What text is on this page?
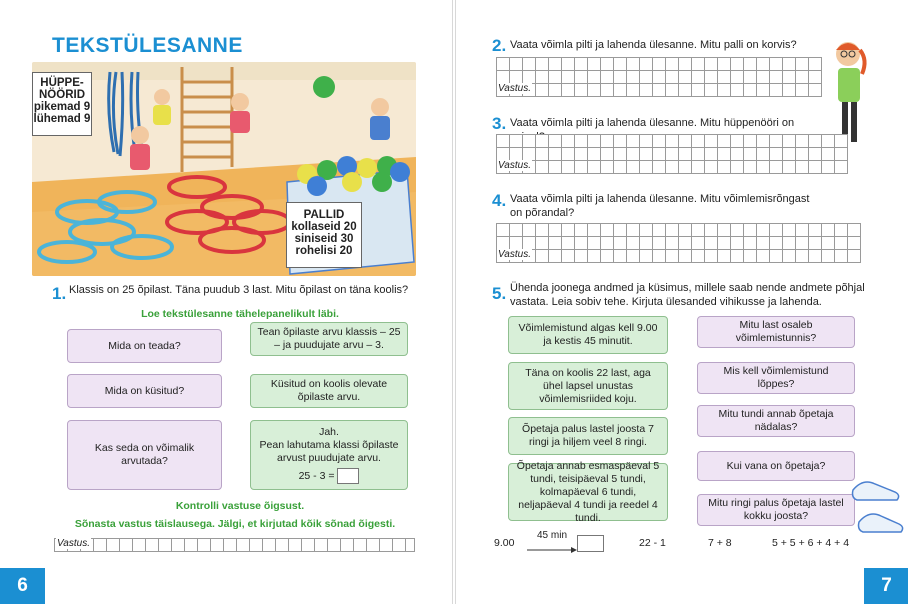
TEKSTÜLESANNE
HÜPPE-
NÖÖRID
pikemad 9
lühemad 9
PALLID
kollaseid 20
siniseid 30
rohelisi 20
1. Klassis on 25 õpilast. Täna puudub 3 last. Mitu õpilast on täna koolis?
Loe tekstülesanne tähelepanelikult läbi.
Mida on teada?
Mida on küsitud?
Kas seda on võimalik arvutada?
Tean õpilaste arvu klassis – 25 – ja puudujate arvu – 3.
Küsitud on koolis olevate õpilaste arvu.
Jah.
Pean lahutama klassi õpilaste arvust puudujate arvu.
25 - 3 =
Kontrolli vastuse õigsust.
Sõnasta vastus täislausega. Jälgi, et kirjutad kõik sõnad õigesti.
Vastus.
6
2. Vaata võimla pilti ja lahenda ülesanne. Mitu palli on korvis?
Vastus.
3. Vaata võimla pilti ja lahenda ülesanne. Mitu hüppenööri on
Vastus.
4. Vaata võimla pilti ja lahenda ülesanne. Mitu võimlemisrõngast on põrandal?
Vastus.
5. Ühenda joonega andmed ja küsimus, millele saab nende andmete põhjal vastata. Leia sobiv tehe. Kirjuta ülesanded vihikusse ja lahenda.
Võimlemistund algas kell 9.00 ja kestis 45 minutit.
Täna on koolis 22 last, aga ühel lapsel unustas võimlemisriided koju.
Õpetaja palus lastel joosta 7 ringi ja hiljem veel 8 ringi.
Õpetaja annab esmaspäeval 5 tundi, teisipäeval 5 tundi, kolmapäeval 6 tundi, neljapäeval 4 tundi ja reedel 4 tundi.
Mitu last osaleb võimlemistunnis?
Mis kell võimlemistund lõppes?
Mitu tundi annab õpetaja nädalas?
Kui vana on õpetaja?
Mitu ringi palus õpetaja lastel kokku joosta?
9.00
45 min
22 - 1	7 + 8	5 + 5 + 6 + 4 + 4
7
